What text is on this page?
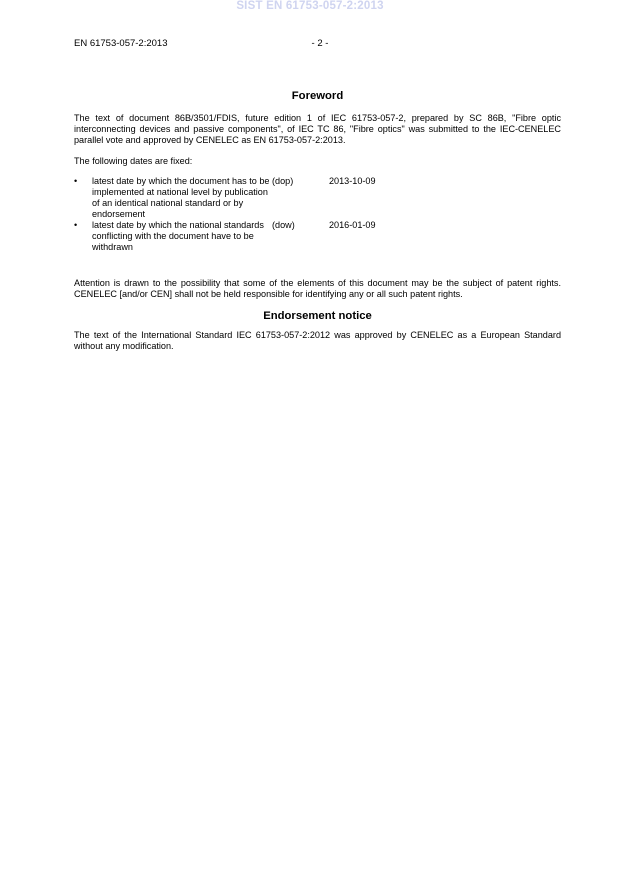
SIST EN 61753-057-2:2013
EN 61753-057-2:2013	- 2 -
Foreword

The text of document 86B/3501/FDIS, future edition 1 of IEC 61753-057-2, prepared by SC 86B, "Fibre optic interconnecting devices and passive components", of IEC TC 86, "Fibre optics" was submitted to the IEC-CENELEC parallel vote and approved by CENELEC as EN 61753-057-2:2013.

The following dates are fixed:

•	latest date by which the document has to be implemented at national level by publication of an identical national standard or by endorsement
(dop)	2013-10-09
•	latest date by which the national standards conflicting with the document have to be withdrawn
(dow)	2016-01-09

Attention is drawn to the possibility that some of the elements of this document may be the subject of patent rights. CENELEC [and/or CEN] shall not be held responsible for identifying any or all such patent rights.

Endorsement notice

The text of the International Standard IEC 61753-057-2:2012 was approved by CENELEC as a European Standard without any modification.
